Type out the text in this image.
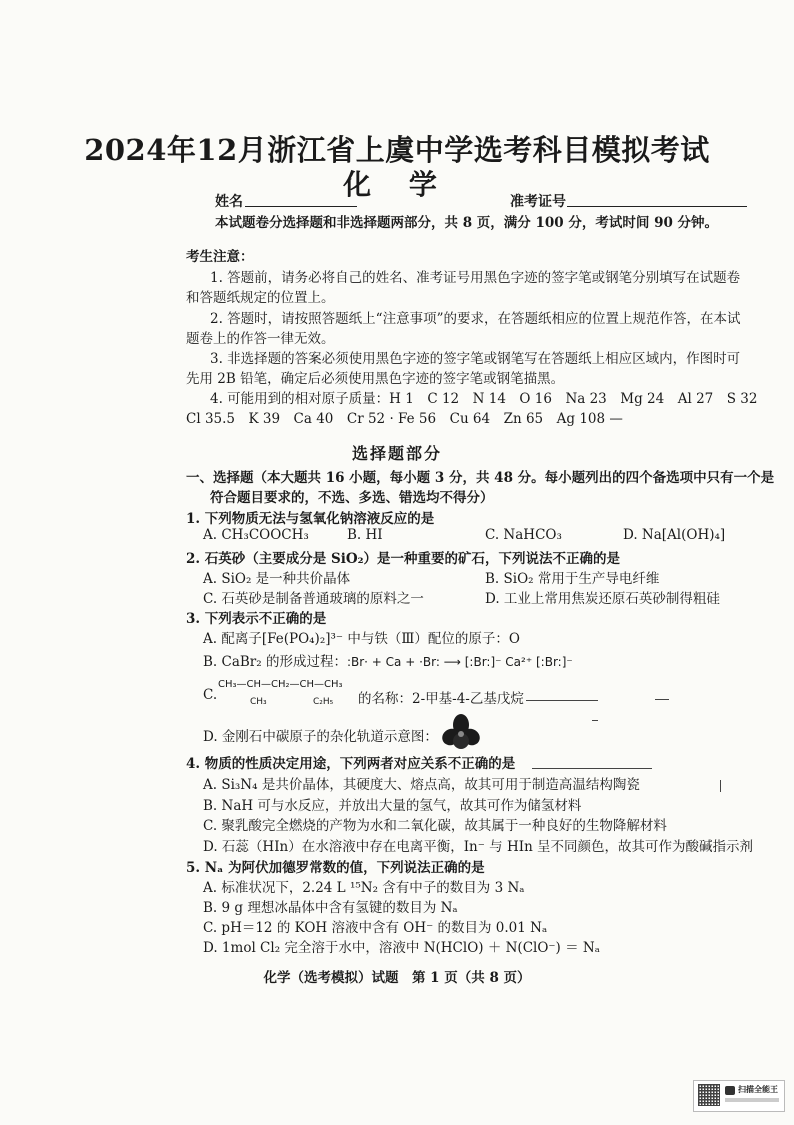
2024年12月浙江省上虞中学选考科目模拟考试
化 学
姓名	准考证号
本试题卷分选择题和非选择题两部分，共 8 页，满分 100 分，考试时间 90 分钟。
考生注意：
1. 答题前，请务必将自己的姓名、准考证号用黑色字迹的签字笔或钢笔分别填写在试题卷
和答题纸规定的位置上。
2. 答题时，请按照答题纸上“注意事项”的要求，在答题纸相应的位置上规范作答，在本试
题卷上的作答一律无效。
3. 非选择题的答案必须使用黑色字迹的签字笔或钢笔写在答题纸上相应区域内，作图时可
先用 2B 铅笔，确定后必须使用黑色字迹的签字笔或钢笔描黑。
4. 可能用到的相对原子质量：H 1　C 12　N 14　O 16　Na 23　Mg 24　Al 27　S 32
Cl 35.5　K 39　Ca 40　Cr 52 · Fe 56　Cu 64　Zn 65　Ag 108 —
选择题部分
一、选择题（本大题共 16 小题，每小题 3 分，共 48 分。每小题列出的四个备选项中只有一个是
符合题目要求的，不选、多选、错选均不得分）
1. 下列物质无法与氢氧化钠溶液反应的是
A. CH₃COOCH₃	B. HI	C. NaHCO₃	D. Na[Al(OH)₄]
2. 石英砂（主要成分是 SiO₂）是一种重要的矿石，下列说法不正确的是
A. SiO₂ 是一种共价晶体	B. SiO₂ 常用于生产导电纤维
C. 石英砂是制备普通玻璃的原料之一	D. 工业上常用焦炭还原石英砂制得粗硅
3. 下列表示不正确的是
A. 配离子[Fe(PO₄)₂]³⁻ 中与铁（Ⅲ）配位的原子：O
B. CaBr₂ 的形成过程：:Br· + Ca + ·Br: ⟶ [:Br:]⁻ Ca²⁺ [:Br:]⁻
CH₃—CH—CH₂—CH—CH₃
CH₃	C₂H₅
C.	的名称：2-甲基-4-乙基戊烷
D. 金刚石中碳原子的杂化轨道示意图：
4. 物质的性质决定用途，下列两者对应关系不正确的是
A. Si₃N₄ 是共价晶体，其硬度大、熔点高，故其可用于制造高温结构陶瓷
B. NaH 可与水反应，并放出大量的氢气，故其可作为储氢材料
C. 聚乳酸完全燃烧的产物为水和二氧化碳，故其属于一种良好的生物降解材料
D. 石蕊（HIn）在水溶液中存在电离平衡，In⁻ 与 HIn 呈不同颜色，故其可作为酸碱指示剂
5. Nₐ 为阿伏加德罗常数的值，下列说法正确的是
A. 标准状况下，2.24 L ¹⁵N₂ 含有中子的数目为 3 Nₐ
B. 9 g 理想冰晶体中含有氢键的数目为 Nₐ
C. pH＝12 的 KOH 溶液中含有 OH⁻ 的数目为 0.01 Nₐ
D. 1mol Cl₂ 完全溶于水中，溶液中 N(HClO) ＋ N(ClO⁻) ＝ Nₐ
化学（选考模拟）试题　第 1 页（共 8 页）
扫描全能王
